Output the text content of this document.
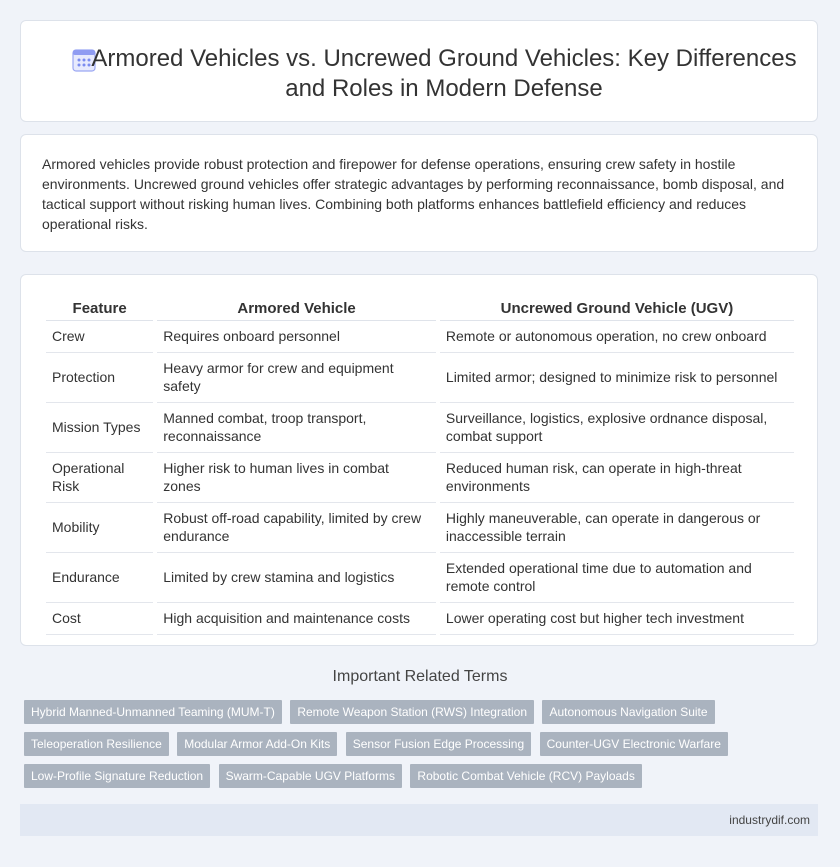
Armored Vehicles vs. Uncrewed Ground Vehicles: Key Differences and Roles in Modern Defense

Armored vehicles provide robust protection and firepower for defense operations, ensuring crew safety in hostile environments. Uncrewed ground vehicles offer strategic advantages by performing reconnaissance, bomb disposal, and tactical support without risking human lives. Combining both platforms enhances battlefield efficiency and reduces operational risks.

Feature	Armored Vehicle	Uncrewed Ground Vehicle (UGV)
Crew	Requires onboard personnel	Remote or autonomous operation, no crew onboard
Protection	Heavy armor for crew and equipment safety	Limited armor; designed to minimize risk to personnel
Mission Types	Manned combat, troop transport, reconnaissance	Surveillance, logistics, explosive ordnance disposal, combat support
Operational Risk	Higher risk to human lives in combat zones	Reduced human risk, can operate in high-threat environments
Mobility	Robust off-road capability, limited by crew endurance	Highly maneuverable, can operate in dangerous or inaccessible terrain
Endurance	Limited by crew stamina and logistics	Extended operational time due to automation and remote control
Cost	High acquisition and maintenance costs	Lower operating cost but higher tech investment
Important Related Terms
Hybrid Manned-Unmanned Teaming (MUM-T) Remote Weapon Station (RWS) Integration Autonomous Navigation Suite Teleoperation Resilience Modular Armor Add-On Kits Sensor Fusion Edge Processing Counter-UGV Electronic Warfare Low-Profile Signature Reduction Swarm-Capable UGV Platforms Robotic Combat Vehicle (RCV) Payloads
industrydif.com
